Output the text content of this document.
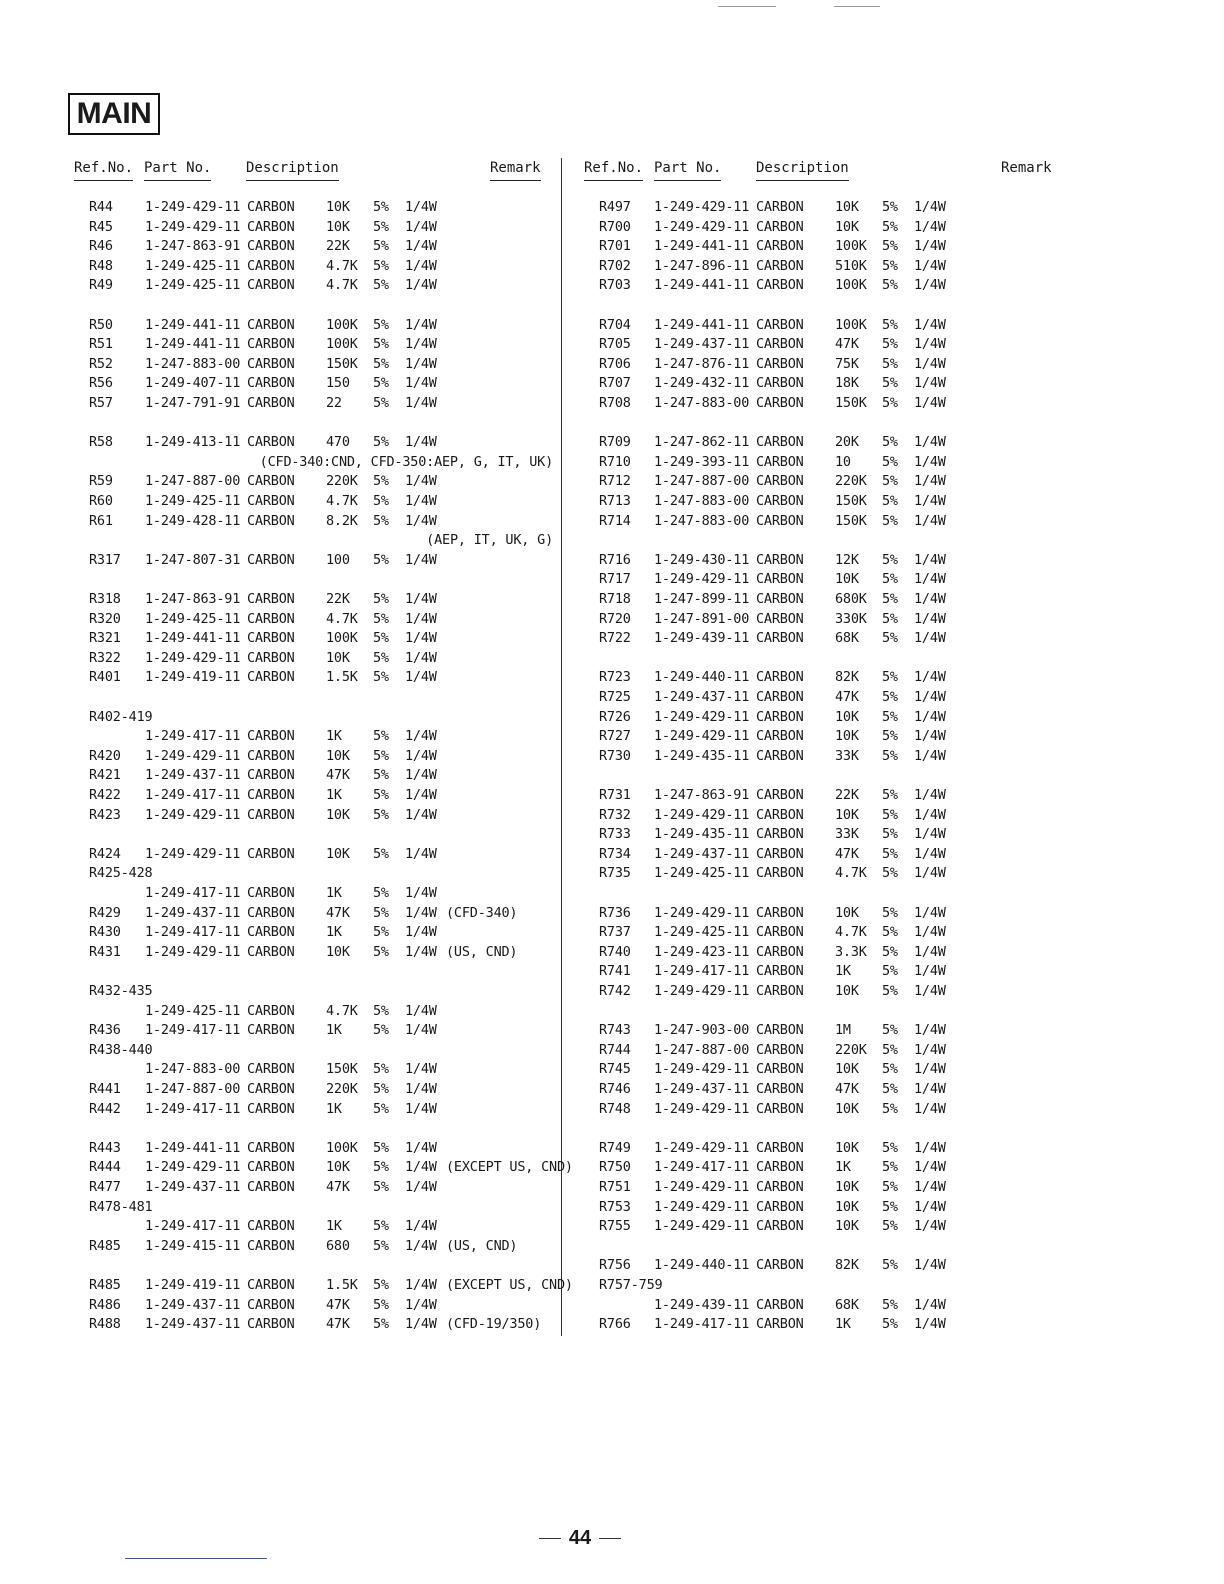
MAIN
Ref.No. Part No. Description	Remark	Ref.No. Part No. Description	Remark
R44 1-249-429-11 CARBON 10K 5% 1/4W
R45 1-249-429-11 CARBON 10K 5% 1/4W
R46 1-247-863-91 CARBON 22K 5% 1/4W
R48 1-249-425-11 CARBON 4.7K 5% 1/4W
R49 1-249-425-11 CARBON 4.7K 5% 1/4W
R50 1-249-441-11 CARBON 100K 5% 1/4W
R51 1-249-441-11 CARBON 100K 5% 1/4W
R52 1-247-883-00 CARBON 150K 5% 1/4W
R56 1-249-407-11 CARBON 150 5% 1/4W
R57 1-247-791-91 CARBON 22 5% 1/4W
R58 1-249-413-11 CARBON 470 5% 1/4W
(CFD-340:CND, CFD-350:AEP, G, IT, UK)
R59 1-247-887-00 CARBON 220K 5% 1/4W
R60 1-249-425-11 CARBON 4.7K 5% 1/4W
R61 1-249-428-11 CARBON 8.2K 5% 1/4W
(AEP, IT, UK, G)
R317 1-247-807-31 CARBON 100 5% 1/4W
R318 1-247-863-91 CARBON 22K 5% 1/4W
R320 1-249-425-11 CARBON 4.7K 5% 1/4W
R321 1-249-441-11 CARBON 100K 5% 1/4W
R322 1-249-429-11 CARBON 10K 5% 1/4W
R401 1-249-419-11 CARBON 1.5K 5% 1/4W
R402-419
1-249-417-11 CARBON 1K 5% 1/4W
R420 1-249-429-11 CARBON 10K 5% 1/4W
R421 1-249-437-11 CARBON 47K 5% 1/4W
R422 1-249-417-11 CARBON 1K 5% 1/4W
R423 1-249-429-11 CARBON 10K 5% 1/4W
R424 1-249-429-11 CARBON 10K 5% 1/4W
R425-428
1-249-417-11 CARBON 1K 5% 1/4W
R429 1-249-437-11 CARBON 47K 5% 1/4W (CFD-340)
R430 1-249-417-11 CARBON 1K 5% 1/4W
R431 1-249-429-11 CARBON 10K 5% 1/4W (US, CND)
R432-435
1-249-425-11 CARBON 4.7K 5% 1/4W
R436 1-249-417-11 CARBON 1K 5% 1/4W
R438-440
1-247-883-00 CARBON 150K 5% 1/4W
R441 1-247-887-00 CARBON 220K 5% 1/4W
R442 1-249-417-11 CARBON 1K 5% 1/4W
R443 1-249-441-11 CARBON 100K 5% 1/4W
R444 1-249-429-11 CARBON 10K 5% 1/4W (EXCEPT US, CND)
R477 1-249-437-11 CARBON 47K 5% 1/4W
R478-481
1-249-417-11 CARBON 1K 5% 1/4W
R485 1-249-415-11 CARBON 680 5% 1/4W (US, CND)
R485 1-249-419-11 CARBON 1.5K 5% 1/4W (EXCEPT US, CND)
R486 1-249-437-11 CARBON 47K 5% 1/4W
R488 1-249-437-11 CARBON 47K 5% 1/4W (CFD-19/350)
R497 1-249-429-11 CARBON 10K 5% 1/4W
R700 1-249-429-11 CARBON 10K 5% 1/4W
R701 1-249-441-11 CARBON 100K 5% 1/4W
R702 1-247-896-11 CARBON 510K 5% 1/4W
R703 1-249-441-11 CARBON 100K 5% 1/4W
R704 1-249-441-11 CARBON 100K 5% 1/4W
R705 1-249-437-11 CARBON 47K 5% 1/4W
R706 1-247-876-11 CARBON 75K 5% 1/4W
R707 1-249-432-11 CARBON 18K 5% 1/4W
R708 1-247-883-00 CARBON 150K 5% 1/4W
R709 1-247-862-11 CARBON 20K 5% 1/4W
R710 1-249-393-11 CARBON 10 5% 1/4W
R712 1-247-887-00 CARBON 220K 5% 1/4W
R713 1-247-883-00 CARBON 150K 5% 1/4W
R714 1-247-883-00 CARBON 150K 5% 1/4W
R716 1-249-430-11 CARBON 12K 5% 1/4W
R717 1-249-429-11 CARBON 10K 5% 1/4W
R718 1-247-899-11 CARBON 680K 5% 1/4W
R720 1-247-891-00 CARBON 330K 5% 1/4W
R722 1-249-439-11 CARBON 68K 5% 1/4W
R723 1-249-440-11 CARBON 82K 5% 1/4W
R725 1-249-437-11 CARBON 47K 5% 1/4W
R726 1-249-429-11 CARBON 10K 5% 1/4W
R727 1-249-429-11 CARBON 10K 5% 1/4W
R730 1-249-435-11 CARBON 33K 5% 1/4W
R731 1-247-863-91 CARBON 22K 5% 1/4W
R732 1-249-429-11 CARBON 10K 5% 1/4W
R733 1-249-435-11 CARBON 33K 5% 1/4W
R734 1-249-437-11 CARBON 47K 5% 1/4W
R735 1-249-425-11 CARBON 4.7K 5% 1/4W
R736 1-249-429-11 CARBON 10K 5% 1/4W
R737 1-249-425-11 CARBON 4.7K 5% 1/4W
R740 1-249-423-11 CARBON 3.3K 5% 1/4W
R741 1-249-417-11 CARBON 1K 5% 1/4W
R742 1-249-429-11 CARBON 10K 5% 1/4W
R743 1-247-903-00 CARBON 1M 5% 1/4W
R744 1-247-887-00 CARBON 220K 5% 1/4W
R745 1-249-429-11 CARBON 10K 5% 1/4W
R746 1-249-437-11 CARBON 47K 5% 1/4W
R748 1-249-429-11 CARBON 10K 5% 1/4W
R749 1-249-429-11 CARBON 10K 5% 1/4W
R750 1-249-417-11 CARBON 1K 5% 1/4W
R751 1-249-429-11 CARBON 10K 5% 1/4W
R753 1-249-429-11 CARBON 10K 5% 1/4W
R755 1-249-429-11 CARBON 10K 5% 1/4W
R756 1-249-440-11 CARBON 82K 5% 1/4W
R757-759
1-249-439-11 CARBON 68K 5% 1/4W
R766 1-249-417-11 CARBON 1K 5% 1/4W
44
